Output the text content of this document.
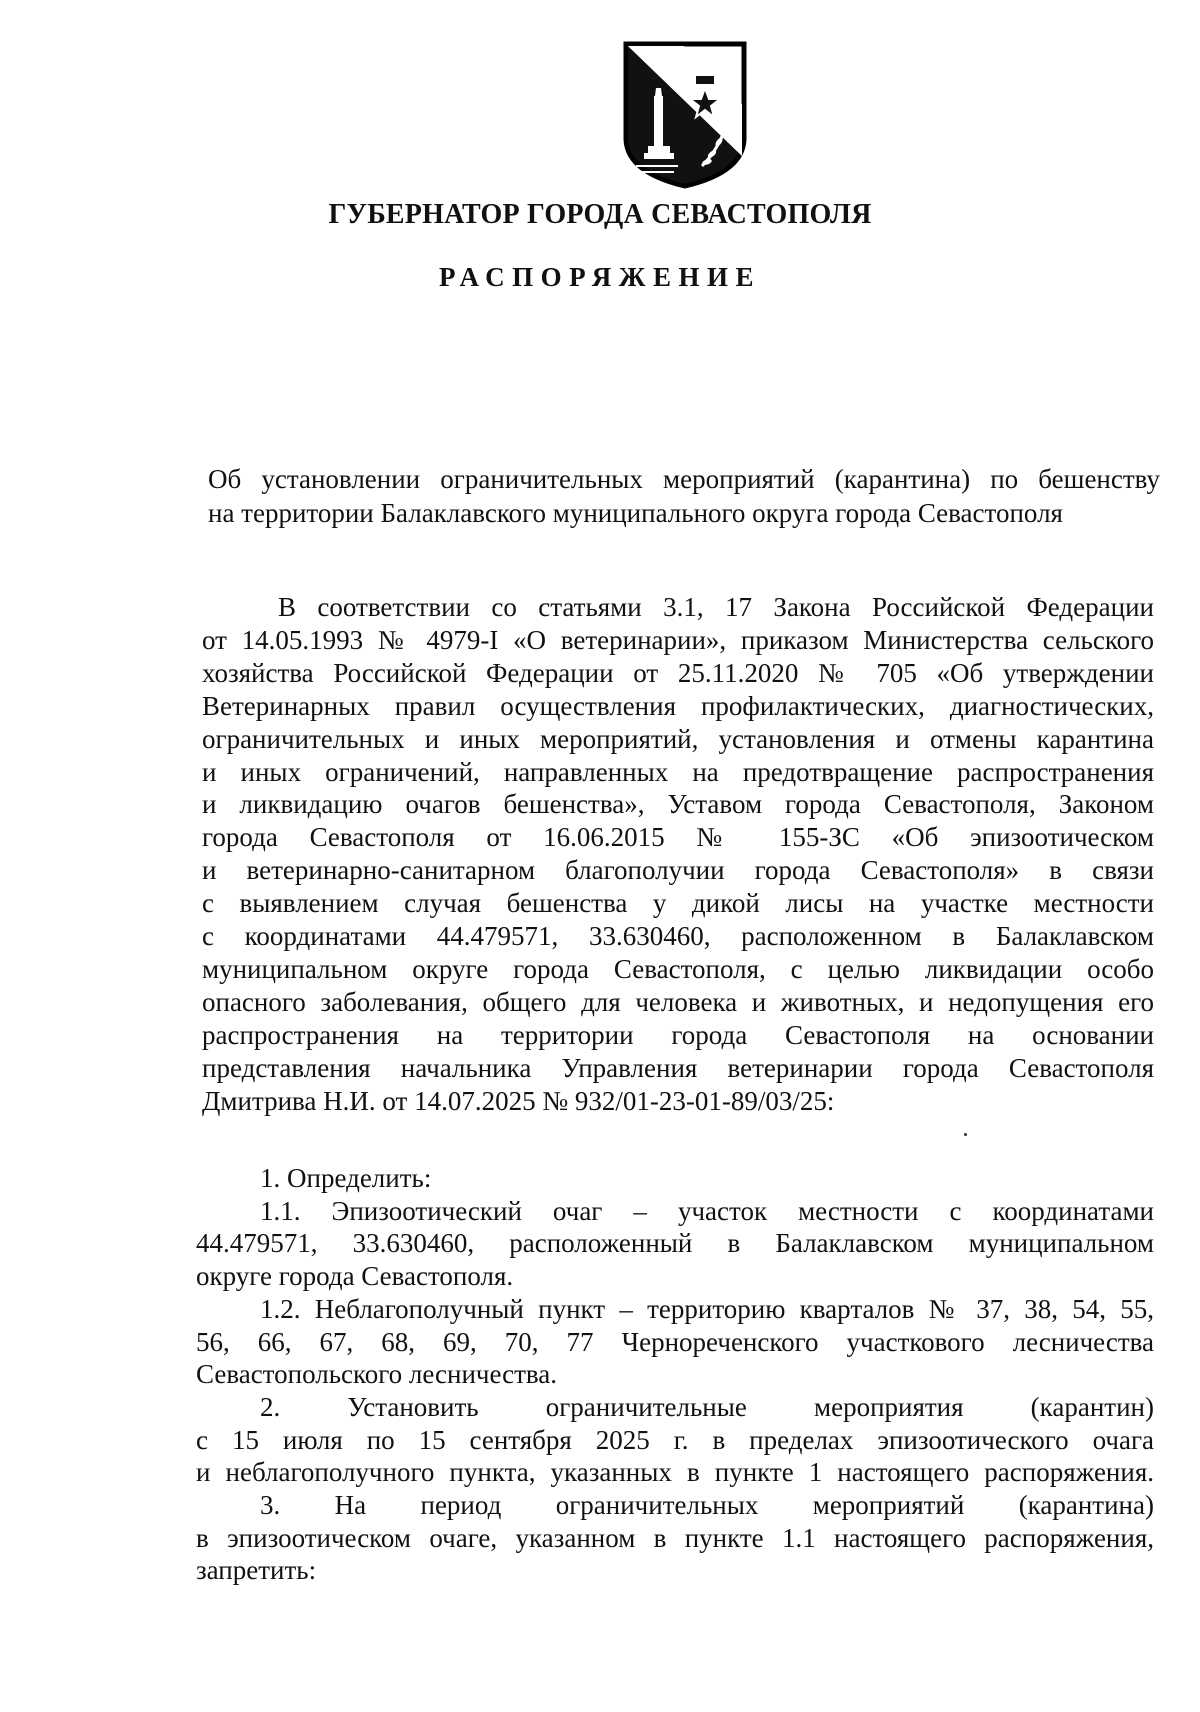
ГУБЕРНАТОР ГОРОДА СЕВАСТОПОЛЯ
РАСПОРЯЖЕНИЕ
Об установлении ограничительных мероприятий (карантина) по бешенству
на территории Балаклавского муниципального округа города Севастополя
В соответствии со статьями 3.1, 17 Закона Российской Федерации
от 14.05.1993 № 4979-I «О ветеринарии», приказом Министерства сельского
хозяйства Российской Федерации от 25.11.2020 № 705 «Об утверждении
Ветеринарных правил осуществления профилактических, диагностических,
ограничительных и иных мероприятий, установления и отмены карантина
и иных ограничений, направленных на предотвращение распространения
и ликвидацию очагов бешенства», Уставом города Севастополя, Законом
города Севастополя от 16.06.2015 № 155-ЗС «Об эпизоотическом
и ветеринарно-санитарном благополучии города Севастополя» в связи
с выявлением случая бешенства у дикой лисы на участке местности
с координатами 44.479571, 33.630460, расположенном в Балаклавском
муниципальном округе города Севастополя, с целью ликвидации особо
опасного заболевания, общего для человека и животных, и недопущения его
распространения на территории города Севастополя на основании
представления начальника Управления ветеринарии города Севастополя
Дмитрива Н.И. от 14.07.2025 № 932/01-23-01-89/03/25:
1. Определить:
1.1. Эпизоотический очаг – участок местности с координатами
44.479571, 33.630460, расположенный в Балаклавском муниципальном
округе города Севастополя.
1.2. Неблагополучный пункт – территорию кварталов № 37, 38, 54, 55,
56, 66, 67, 68, 69, 70, 77 Чернореченского участкового лесничества
Севастопольского лесничества.
2. Установить ограничительные мероприятия (карантин)
с 15 июля по 15 сентября 2025 г. в пределах эпизоотического очага
и неблагополучного пункта, указанных в пункте 1 настоящего распоряжения.
3. На период ограничительных мероприятий (карантина)
в эпизоотическом очаге, указанном в пункте 1.1 настоящего распоряжения,
запретить:
